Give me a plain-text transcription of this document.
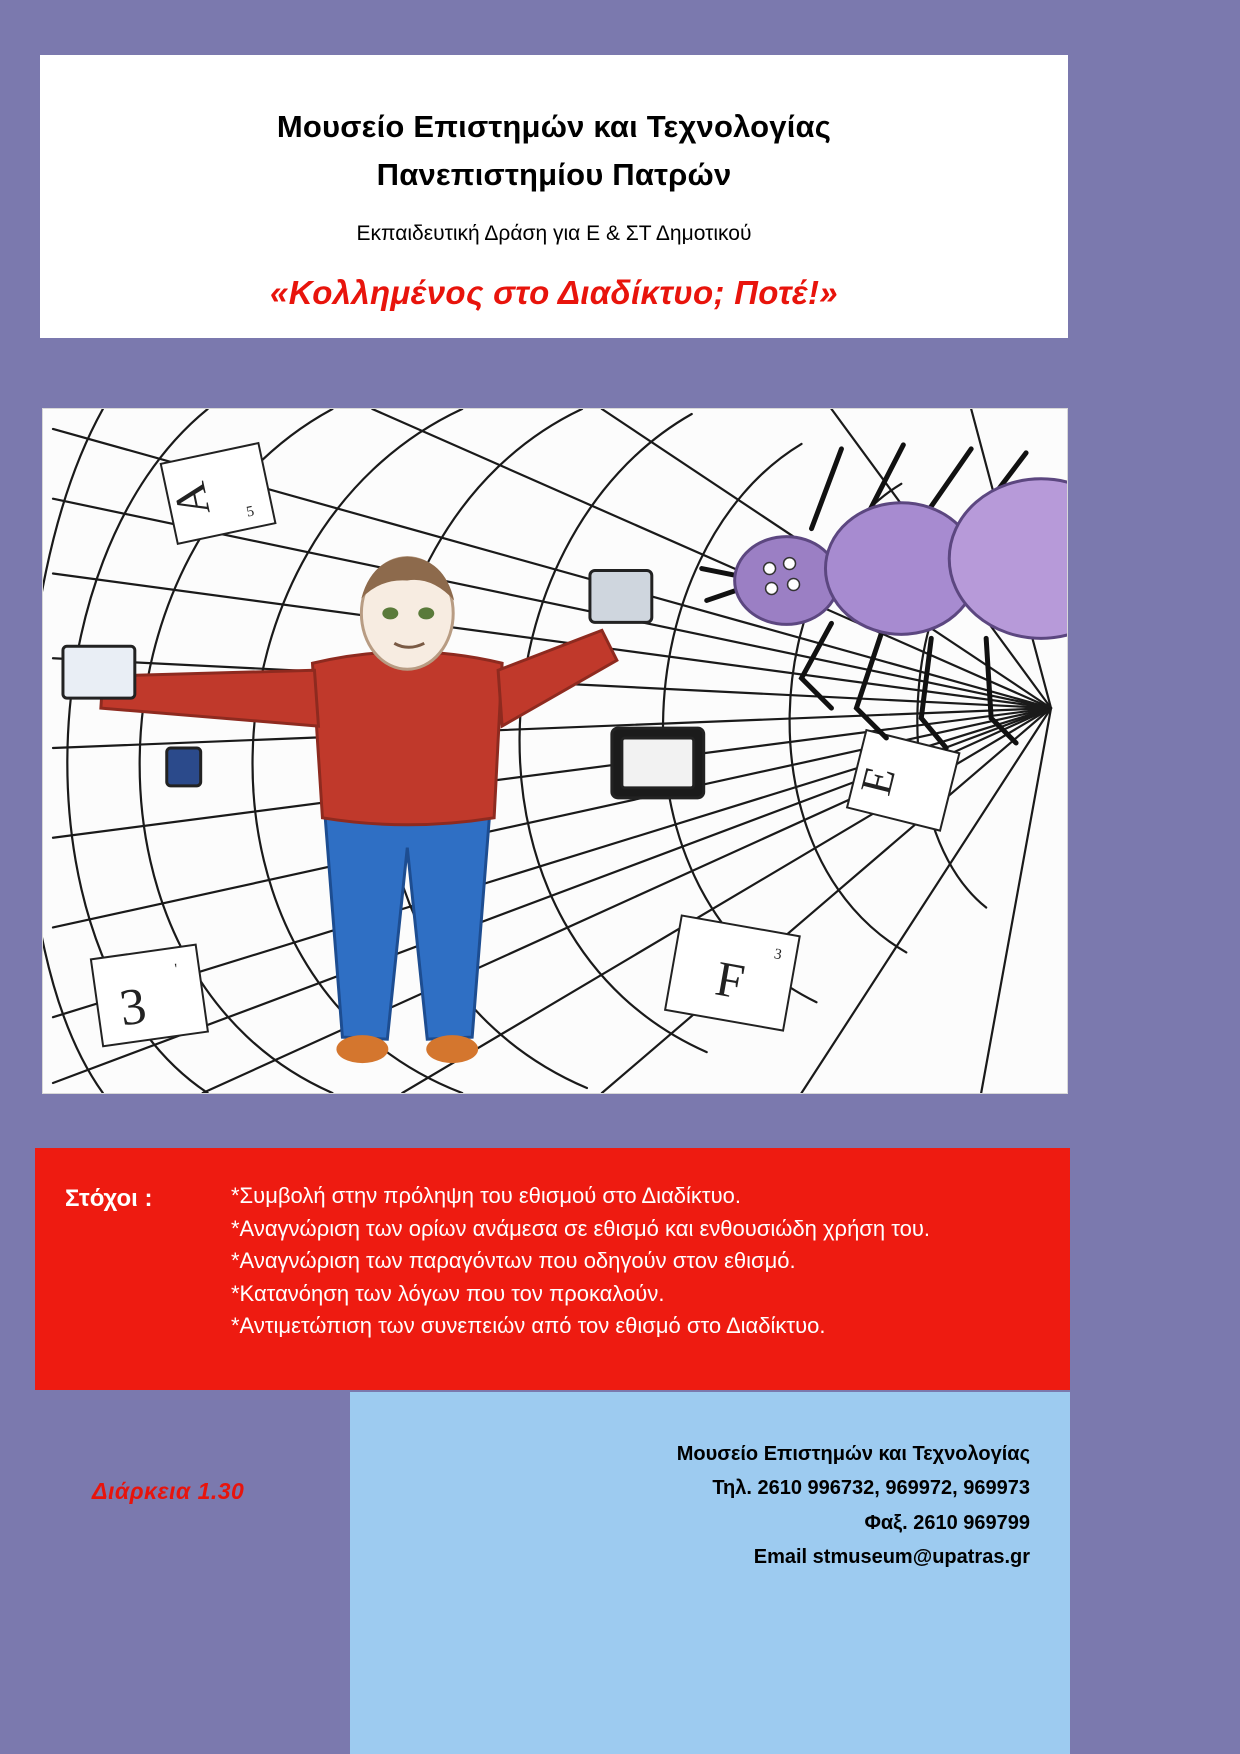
Μουσείο Επιστημών και Τεχνολογίας
Πανεπιστημίου Πατρών
Εκπαιδευτική Δράση για Ε & ΣΤ Δημοτικού
«Κολλημένος στο Διαδίκτυο; Ποτέ!»
A 5
E
3
'	F 3
Στόχοι :	*Συμβολή στην πρόληψη του εθισμού στο Διαδίκτυο.
*Αναγνώριση των ορίων ανάμεσα σε εθισμό και ενθουσιώδη χρήση του.
*Αναγνώριση των παραγόντων που οδηγούν στον εθισμό.
*Κατανόηση των λόγων που τον προκαλούν.
*Αντιμετώπιση των συνεπειών από τον εθισμό στο Διαδίκτυο.
Μουσείο Επιστημών και Τεχνολογίας
Τηλ. 2610 996732, 969972, 969973
Φαξ. 2610 969799
Email stmuseum@upatras.gr
Διάρκεια 1.30
